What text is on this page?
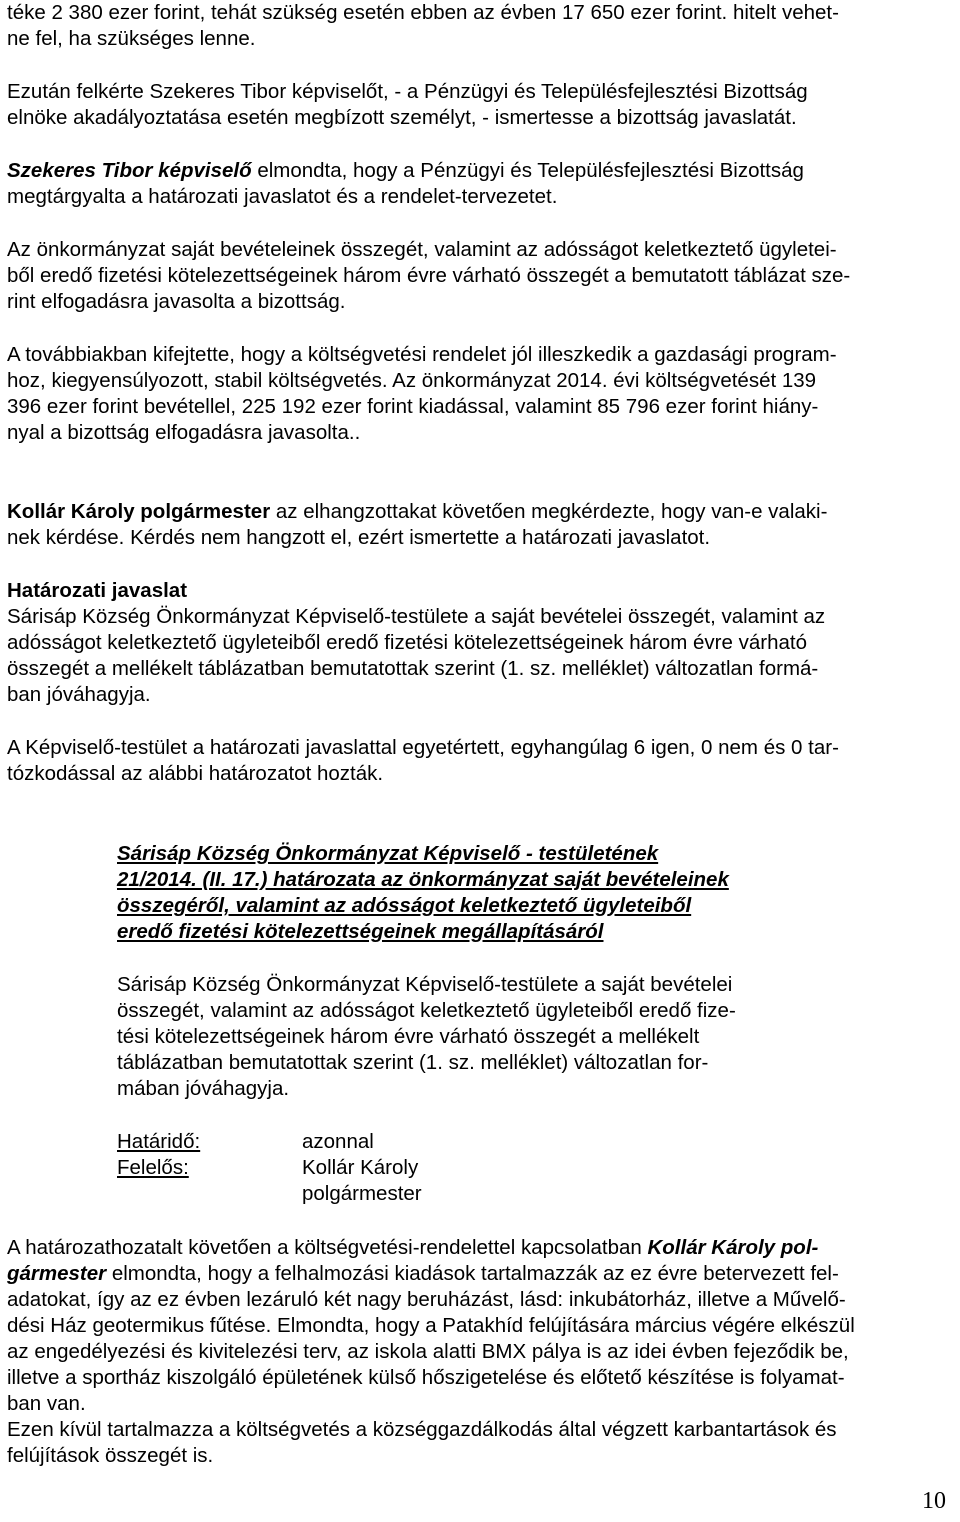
téke 2 380 ezer forint, tehát szükség esetén ebben az évben 17 650 ezer forint. hitelt vehet-
ne fel, ha szükséges lenne.
Ezután felkérte Szekeres Tibor képviselőt, - a Pénzügyi és Településfejlesztési Bizottság
elnöke akadályoztatása esetén megbízott személyt, - ismertesse a bizottság javaslatát.
Szekeres Tibor képviselő elmondta, hogy a Pénzügyi és Településfejlesztési Bizottság
megtárgyalta a határozati javaslatot és a rendelet-tervezetet.
Az önkormányzat saját bevételeinek összegét, valamint az adósságot keletkeztető ügyletei-
ből eredő fizetési kötelezettségeinek három évre várható összegét a bemutatott táblázat sze-
rint elfogadásra javasolta a bizottság.
A továbbiakban kifejtette, hogy a költségvetési rendelet jól illeszkedik a gazdasági program-
hoz, kiegyensúlyozott, stabil költségvetés. Az önkormányzat 2014. évi költségvetését 139
396 ezer forint bevétellel, 225 192 ezer forint kiadással, valamint 85 796 ezer forint hiány-
nyal a bizottság elfogadásra javasolta..
Kollár Károly polgármester az elhangzottakat követően megkérdezte, hogy van-e valaki-
nek kérdése. Kérdés nem hangzott el, ezért ismertette a határozati javaslatot.
Határozati javaslat
Sárisáp Község Önkormányzat Képviselő-testülete a saját bevételei összegét, valamint az
adósságot keletkeztető ügyleteiből eredő fizetési kötelezettségeinek három évre várható
összegét a mellékelt táblázatban bemutatottak szerint (1. sz. melléklet) változatlan formá-
ban jóváhagyja.
A Képviselő-testület a határozati javaslattal egyetértett, egyhangúlag 6 igen, 0 nem és 0 tar-
tózkodással az alábbi határozatot hozták.
Sárisáp Község Önkormányzat Képviselő - testületének
21/2014. (II. 17.) határozata az önkormányzat saját bevételeinek
összegéről, valamint az adósságot keletkeztető ügyleteiből
eredő fizetési kötelezettségeinek megállapításáról
Sárisáp Község Önkormányzat Képviselő-testülete a saját bevételei
összegét, valamint az adósságot keletkeztető ügyleteiből eredő fize-
tési kötelezettségeinek három évre várható összegét a mellékelt
táblázatban bemutatottak szerint (1. sz. melléklet) változatlan for-
mában jóváhagyja.
Határidő:	azonnal
Felelős:	Kollár Károly
polgármester
A határozathozatalt követően a költségvetési-rendelettel kapcsolatban Kollár Károly pol-
gármester elmondta, hogy a felhalmozási kiadások tartalmazzák az ez évre betervezett fel-
adatokat, így az ez évben lezáruló két nagy beruházást, lásd: inkubátorház, illetve a Művelő-
dési Ház geotermikus fűtése. Elmondta, hogy a Patakhíd felújítására március végére elkészül
az engedélyezési és kivitelezési terv, az iskola alatti BMX pálya is az idei évben fejeződik be,
illetve a sportház kiszolgáló épületének külső hőszigetelése és előtető készítése is folyamat-
ban van.
Ezen kívül tartalmazza a költségvetés a községgazdálkodás által végzett karbantartások és
felújítások összegét is.
10
